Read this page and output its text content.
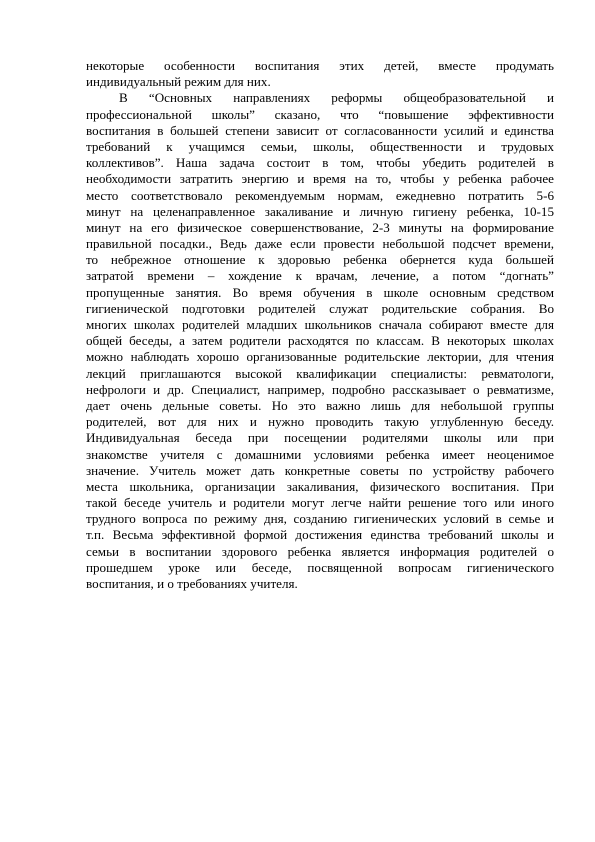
некоторые особенности воспитания этих детей, вместе продумать
индивидуальный режим для них.
В “Основных направлениях реформы общеобразовательной и
профессиональной школы” сказано, что “повышение эффективности
воспитания в большей степени зависит от согласованности усилий и единства
требований к учащимся семьи, школы, общественности и трудовых
коллективов”. Наша задача состоит в том, чтобы убедить родителей в
необходимости затратить энергию и время на то, чтобы у ребенка рабочее
место соответствовало рекомендуемым нормам, ежедневно потратить 5-6
минут на целенаправленное закаливание и личную гигиену ребенка, 10-15
минут на его физическое совершенствование, 2-3 минуты на формирование
правильной посадки., Ведь даже если провести небольшой подсчет времени,
то небрежное отношение к здоровью ребенка обернется куда большей
затратой времени – хождение к врачам, лечение, а потом “догнать”
пропущенные занятия. Во время обучения в школе основным средством
гигиенической подготовки родителей служат родительские собрания. Во
многих школах родителей младших школьников сначала собирают вместе для
общей беседы, а затем родители расходятся по классам. В некоторых школах
можно наблюдать хорошо организованные родительские лектории, для чтения
лекций приглашаются высокой квалификации специалисты: ревматологи,
нефрологи и др. Специалист, например, подробно рассказывает о ревматизме,
дает очень дельные советы. Но это важно лишь для небольшой группы
родителей, вот для них и нужно проводить такую углубленную беседу.
Индивидуальная беседа при посещении родителями школы или при
знакомстве учителя с домашними условиями ребенка имеет неоценимое
значение. Учитель может дать конкретные советы по устройству рабочего
места школьника, организации закаливания, физического воспитания. При
такой беседе учитель и родители могут легче найти решение того или иного
трудного вопроса по режиму дня, созданию гигиенических условий в семье и
т.п. Весьма эффективной формой достижения единства требований школы и
семьи в воспитании здорового ребенка является информация родителей о
прошедшем уроке или беседе, посвященной вопросам гигиенического
воспитания, и о требованиях учителя.
